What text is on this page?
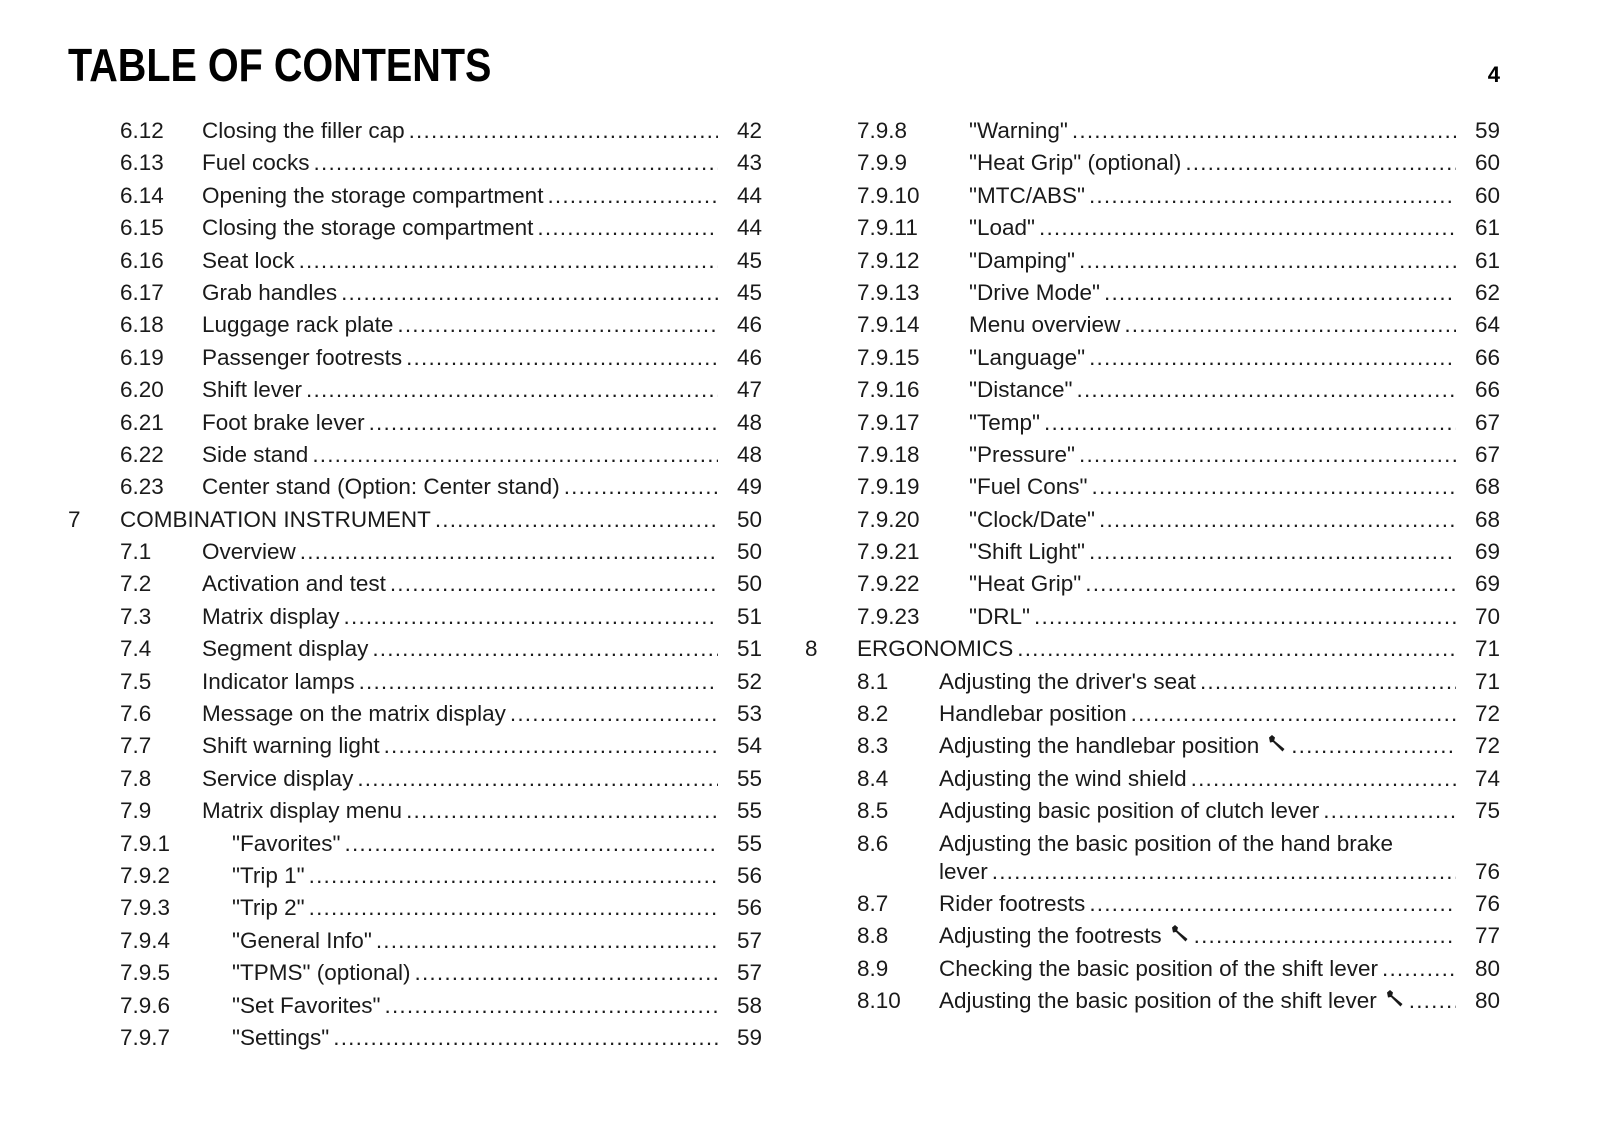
TABLE OF CONTENTS	4
6.12 Closing the filler cap .....	42
6.13 Fuel cocks .....	43
6.14 Opening the storage compartment .....	44
6.15 Closing the storage compartment .....	44
6.16 Seat lock .....	45
6.17 Grab handles .....	45
6.18 Luggage rack plate .....	46
6.19 Passenger footrests .....	46
6.20 Shift lever .....	47
6.21 Foot brake lever .....	48
6.22 Side stand .....	48
6.23 Center stand (Option: Center stand) .....	49
7 COMBINATION INSTRUMENT .....	50
7.1 Overview .....	50
7.2 Activation and test .....	50
7.3 Matrix display .....	51
7.4 Segment display .....	51
7.5 Indicator lamps .....	52
7.6 Message on the matrix display .....	53
7.7 Shift warning light .....	54
7.8 Service display .....	55
7.9 Matrix display menu .....	55
7.9.1	"Favorites" .....	55
7.9.2	"Trip 1" .....	56
7.9.3	"Trip 2" .....	56
7.9.4	"General Info" .....	57
7.9.5	"TPMS" (optional) .....	57
7.9.6	"Set Favorites" .....	58
7.9.7	"Settings" .....	59
7.9.8	"Warning" .....	59
7.9.9	"Heat Grip" (optional) .....	60
7.9.10 "MTC/ABS" .....	60
7.9.11 "Load" .....	61
7.9.12 "Damping" .....	61
7.9.13 "Drive Mode" .....	62
7.9.14 Menu overview .....	64
7.9.15 "Language" .....	66
7.9.16 "Distance" .....	66
7.9.17 "Temp" .....	67
7.9.18 "Pressure" .....	67
7.9.19 "Fuel Cons" .....	68
7.9.20 "Clock/Date" .....	68
7.9.21 "Shift Light" .....	69
7.9.22 "Heat Grip" .....	69
7.9.23 "DRL" .....	70
8 ERGONOMICS .....	71
8.1 Adjusting the driver's seat .....	71
8.2 Handlebar position .....	72
8.3 Adjusting the handlebar position .....	72
8.4 Adjusting the wind shield .....	74
8.5 Adjusting basic position of clutch lever .....	75
8.6 Adjusting the basic position of the hand brake
lever .....	76
8.7 Rider footrests .....	76
8.8 Adjusting the footrests .....	77
8.9 Checking the basic position of the shift lever .....	80
8.10 Adjusting the basic position of the shift lever .....	80
